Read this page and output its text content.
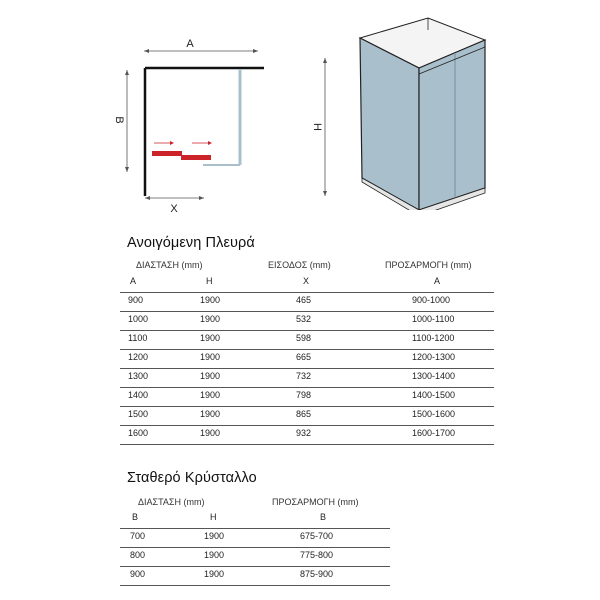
A
B
X
H
Ανοιγόμενη Πλευρά
ΔΙΑΣΤΑΣΗ (mm)	ΕΙΣΟΔΟΣ (mm)	ΠΡΟΣΑΡΜΟΓΗ (mm)
A	H	X	A
900	1900	465	900-1000
1000	1900	532	1000-1100
1100	1900	598	1100-1200
1200	1900	665	1200-1300
1300	1900	732	1300-1400
1400	1900	798	1400-1500
1500	1900	865	1500-1600
1600	1900	932	1600-1700
Σταθερό Κρύσταλλο
ΔΙΑΣΤΑΣΗ (mm)	ΠΡΟΣΑΡΜΟΓΗ (mm)
B	H	B
700	1900	675-700
800	1900	775-800
900	1900	875-900
